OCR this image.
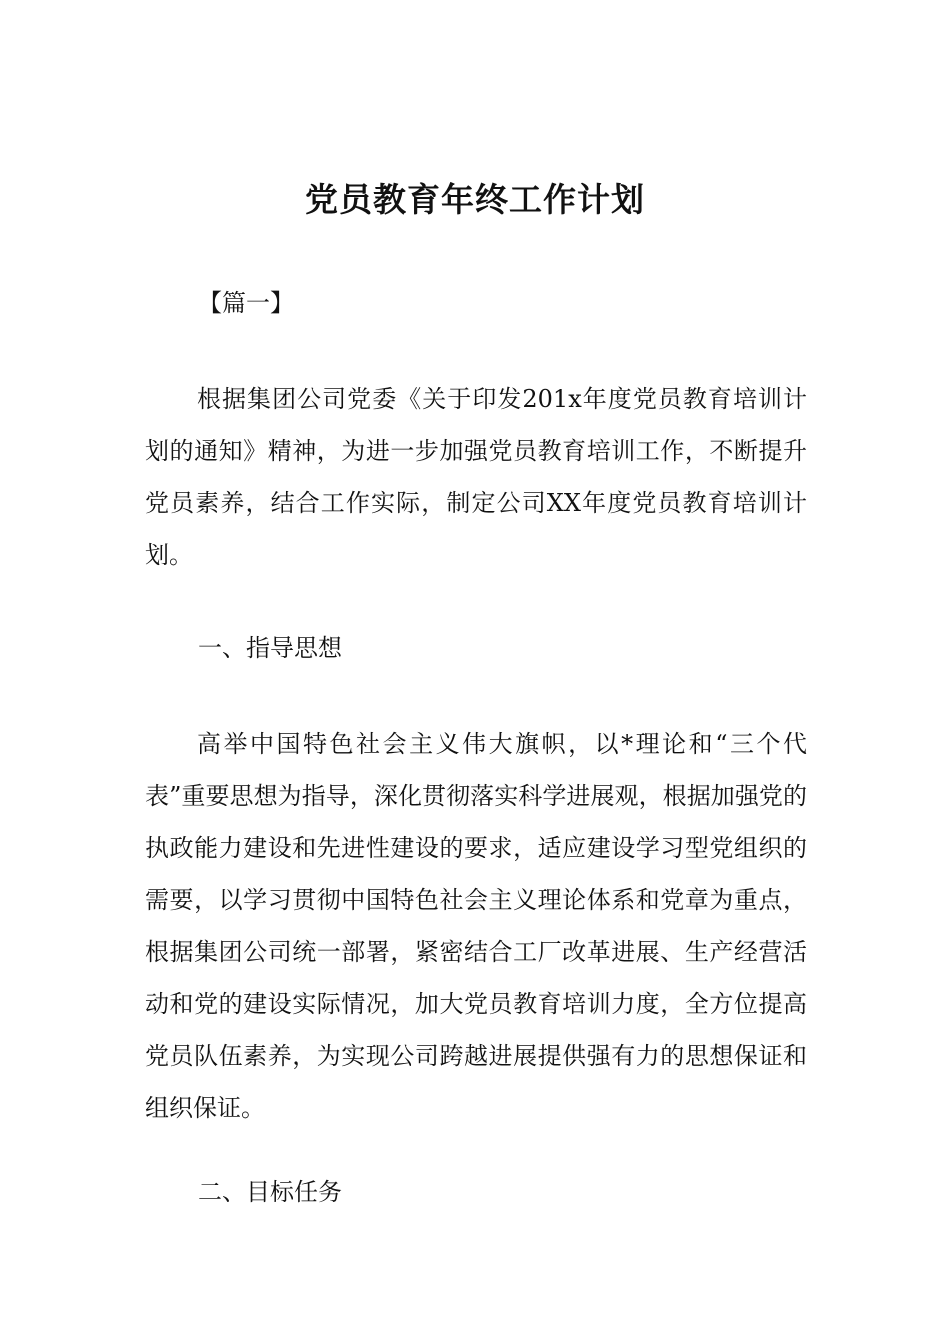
党员教育年终工作计划

【篇一】

根据集团公司党委《关于印发201x年度党员教育培训计划的通知》精神，为进一步加强党员教育培训工作，不断提升党员素养，结合工作实际，制定公司XX年度党员教育培训计划。

一、指导思想

高举中国特色社会主义伟大旗帜，以*理论和“三个代表”重要思想为指导，深化贯彻落实科学进展观，根据加强党的执政能力建设和先进性建设的要求，适应建设学习型党组织的需要，以学习贯彻中国特色社会主义理论体系和党章为重点，根据集团公司统一部署，紧密结合工厂改革进展、生产经营活动和党的建设实际情况，加大党员教育培训力度，全方位提高党员队伍素养，为实现公司跨越进展提供强有力的思想保证和组织保证。

二、目标任务
